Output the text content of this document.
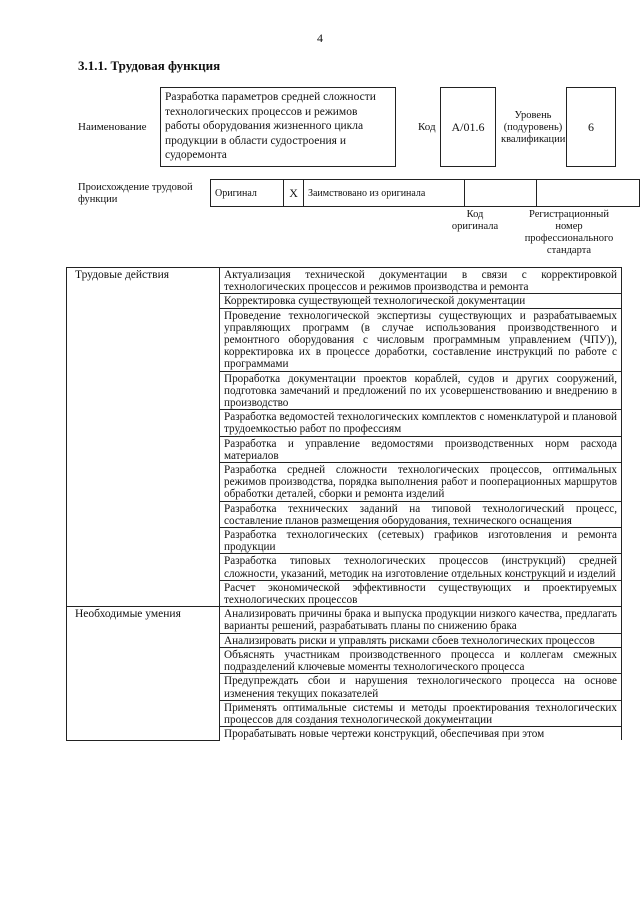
4
3.1.1. Трудовая функция
Наименование
Разработка параметров средней сложности технологических процессов и режимов работы оборудования жизненного цикла продукции в области судостроения и судоремонта
Код A/01.6
Уровень
(подуровень)
квалификации
6
Происхождение трудовой
функции
Оригинал	X	Заимствовано из оригинала		
Код
оригинала
Регистрационный
номер
профессионального
стандарта
Трудовые действия	Актуализация технической документации в связи с корректировкой технологических процессов и режимов производства и ремонта
	Корректировка существующей технологической документации
	Проведение технологической экспертизы существующих и разрабатываемых управляющих программ (в случае использования производственного и ремонтного оборудования с числовым программным управлением (ЧПУ)), корректировка их в процессе доработки, составление инструкций по работе с программами
	Проработка документации проектов кораблей, судов и других сооружений, подготовка замечаний и предложений по их усовершенствованию и внедрению в производство
	Разработка ведомостей технологических комплектов с номенклатурой и плановой трудоемкостью работ по профессиям
	Разработка и управление ведомостями производственных норм расхода материалов
	Разработка средней сложности технологических процессов, оптимальных режимов производства, порядка выполнения работ и пооперационных маршрутов обработки деталей, сборки и ремонта изделий
	Разработка технических заданий на типовой технологический процесс, составление планов размещения оборудования, технического оснащения
	Разработка технологических (сетевых) графиков изготовления и ремонта продукции
	Разработка типовых технологических процессов (инструкций) средней сложности, указаний, методик на изготовление отдельных конструкций и изделий
	Расчет экономической эффективности существующих и проектируемых технологических процессов
Необходимые умения	Анализировать причины брака и выпуска продукции низкого качества, предлагать варианты решений, разрабатывать планы по снижению брака
	Анализировать риски и управлять рисками сбоев технологических процессов
	Объяснять участникам производственного процесса и коллегам смежных подразделений ключевые моменты технологического процесса
	Предупреждать сбои и нарушения технологического процесса на основе изменения текущих показателей
	Применять оптимальные системы и методы проектирования технологических процессов для создания технологической документации
	Прорабатывать новые чертежи конструкций, обеспечивая при этом
